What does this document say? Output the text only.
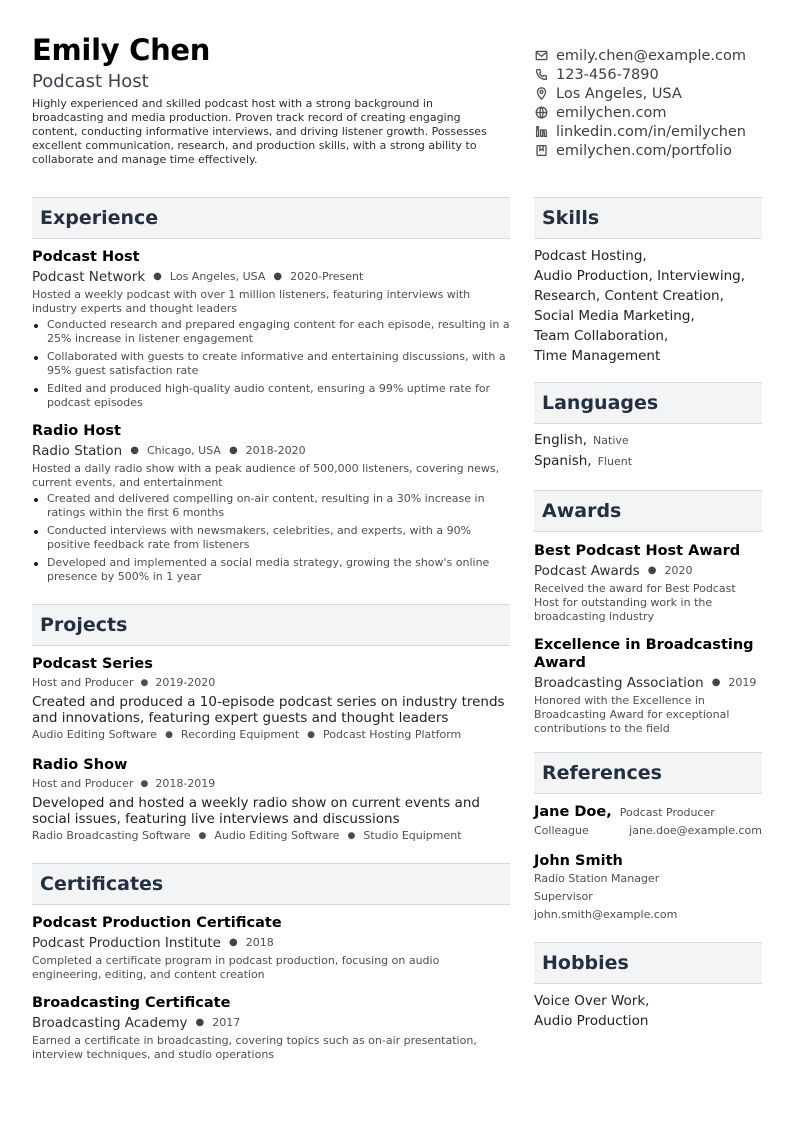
Emily Chen
Podcast Host
Highly experienced and skilled podcast host with a strong background in broadcasting and media production. Proven track record of creating engaging content, conducting informative interviews, and driving listener growth. Possesses excellent communication, research, and production skills, with a strong ability to collaborate and manage time effectively.
emily.chen@example.com
123-456-7890
Los Angeles, USA
emilychen.com
linkedin.com/in/emilychen
emilychen.com/portfolio
Experience
Podcast Host
Podcast Network ● Los Angeles, USA ● 2020-Present
Hosted a weekly podcast with over 1 million listeners, featuring interviews with industry experts and thought leaders
Conducted research and prepared engaging content for each episode, resulting in a 25% increase in listener engagement
Collaborated with guests to create informative and entertaining discussions, with a 95% guest satisfaction rate
Edited and produced high-quality audio content, ensuring a 99% uptime rate for podcast episodes
Radio Host
Radio Station ● Chicago, USA ● 2018-2020
Hosted a daily radio show with a peak audience of 500,000 listeners, covering news, current events, and entertainment
Created and delivered compelling on-air content, resulting in a 30% increase in ratings within the first 6 months
Conducted interviews with newsmakers, celebrities, and experts, with a 90% positive feedback rate from listeners
Developed and implemented a social media strategy, growing the show's online presence by 500% in 1 year
Projects
Podcast Series
Host and Producer ● 2019-2020
Created and produced a 10-episode podcast series on industry trends and innovations, featuring expert guests and thought leaders
Audio Editing Software ● Recording Equipment ● Podcast Hosting Platform
Radio Show
Host and Producer ● 2018-2019
Developed and hosted a weekly radio show on current events and social issues, featuring live interviews and discussions
Radio Broadcasting Software ● Audio Editing Software ● Studio Equipment
Certificates
Podcast Production Certificate
Podcast Production Institute ● 2018
Completed a certificate program in podcast production, focusing on audio engineering, editing, and content creation
Broadcasting Certificate
Broadcasting Academy ● 2017
Earned a certificate in broadcasting, covering topics such as on-air presentation, interview techniques, and studio operations
Skills
Podcast Hosting,
Audio Production, Interviewing,
Research, Content Creation,
Social Media Marketing,
Team Collaboration,
Time Management
Languages
English, Native
Spanish, Fluent
Awards
Best Podcast Host Award
Podcast Awards ● 2020
Received the award for Best Podcast Host for outstanding work in the broadcasting industry
Excellence in Broadcasting Award
Broadcasting Association ● 2019
Honored with the Excellence in Broadcasting Award for exceptional contributions to the field
References
Jane Doe, Podcast Producer
Colleague	jane.doe@example.com
John Smith
Radio Station Manager
Supervisor
john.smith@example.com
Hobbies
Voice Over Work,
Audio Production
